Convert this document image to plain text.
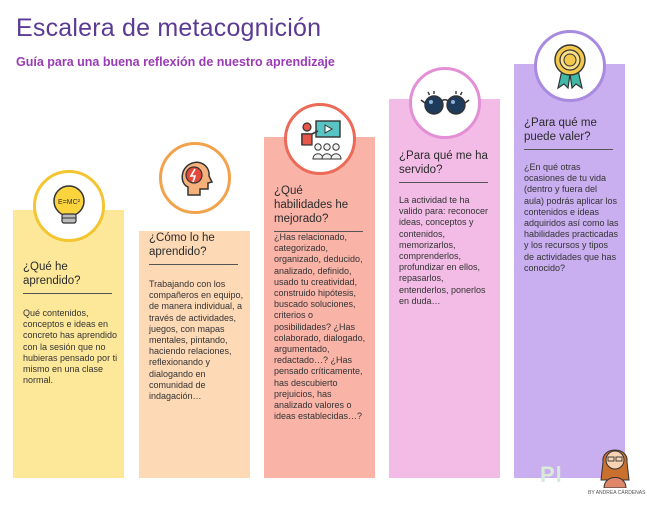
Escalera de metacognición
Guía para una buena reflexión de nuestro aprendizaje
E=MC²
¿Qué he aprendido?
Qué contenidos, conceptos e ideas en concreto has aprendido con la sesión que no hubieras pensado por ti mismo en una clase normal.
¿Cómo lo he aprendido?
Trabajando con los compañeros en equipo, de manera individual, a través de actividades, juegos, con mapas mentales, pintando, haciendo relaciones, reflexionando y dialogando en comunidad de indagación…
¿Qué habilidades he mejorado?
¿Has relacionado, categorizado, organizado, deducido, analizado, definido, usado tu creatividad, construido hipótesis, buscado soluciones, criterios o posibilidades? ¿Has colaborado, dialogado, argumentado, redactado…? ¿Has pensado críticamente, has descubierto prejuicios, has analizado valores o ideas establecidas…?
¿Para qué me ha servido?
La actividad te ha valido para: reconocer ideas, conceptos y contenidos, memorizarlos, comprenderlos, profundizar en ellos, repasarlos, entenderlos, ponerlos en duda…
¿Para qué me puede valer?
¿En qué otras ocasiones de tu vida (dentro y fuera del aula) podrás aplicar los contenidos e ideas adquiridos así como las habilidades practicadas y los recursos y tipos de actividades que has conocido?
Pl
BY ANDREA CÁRDENAS
